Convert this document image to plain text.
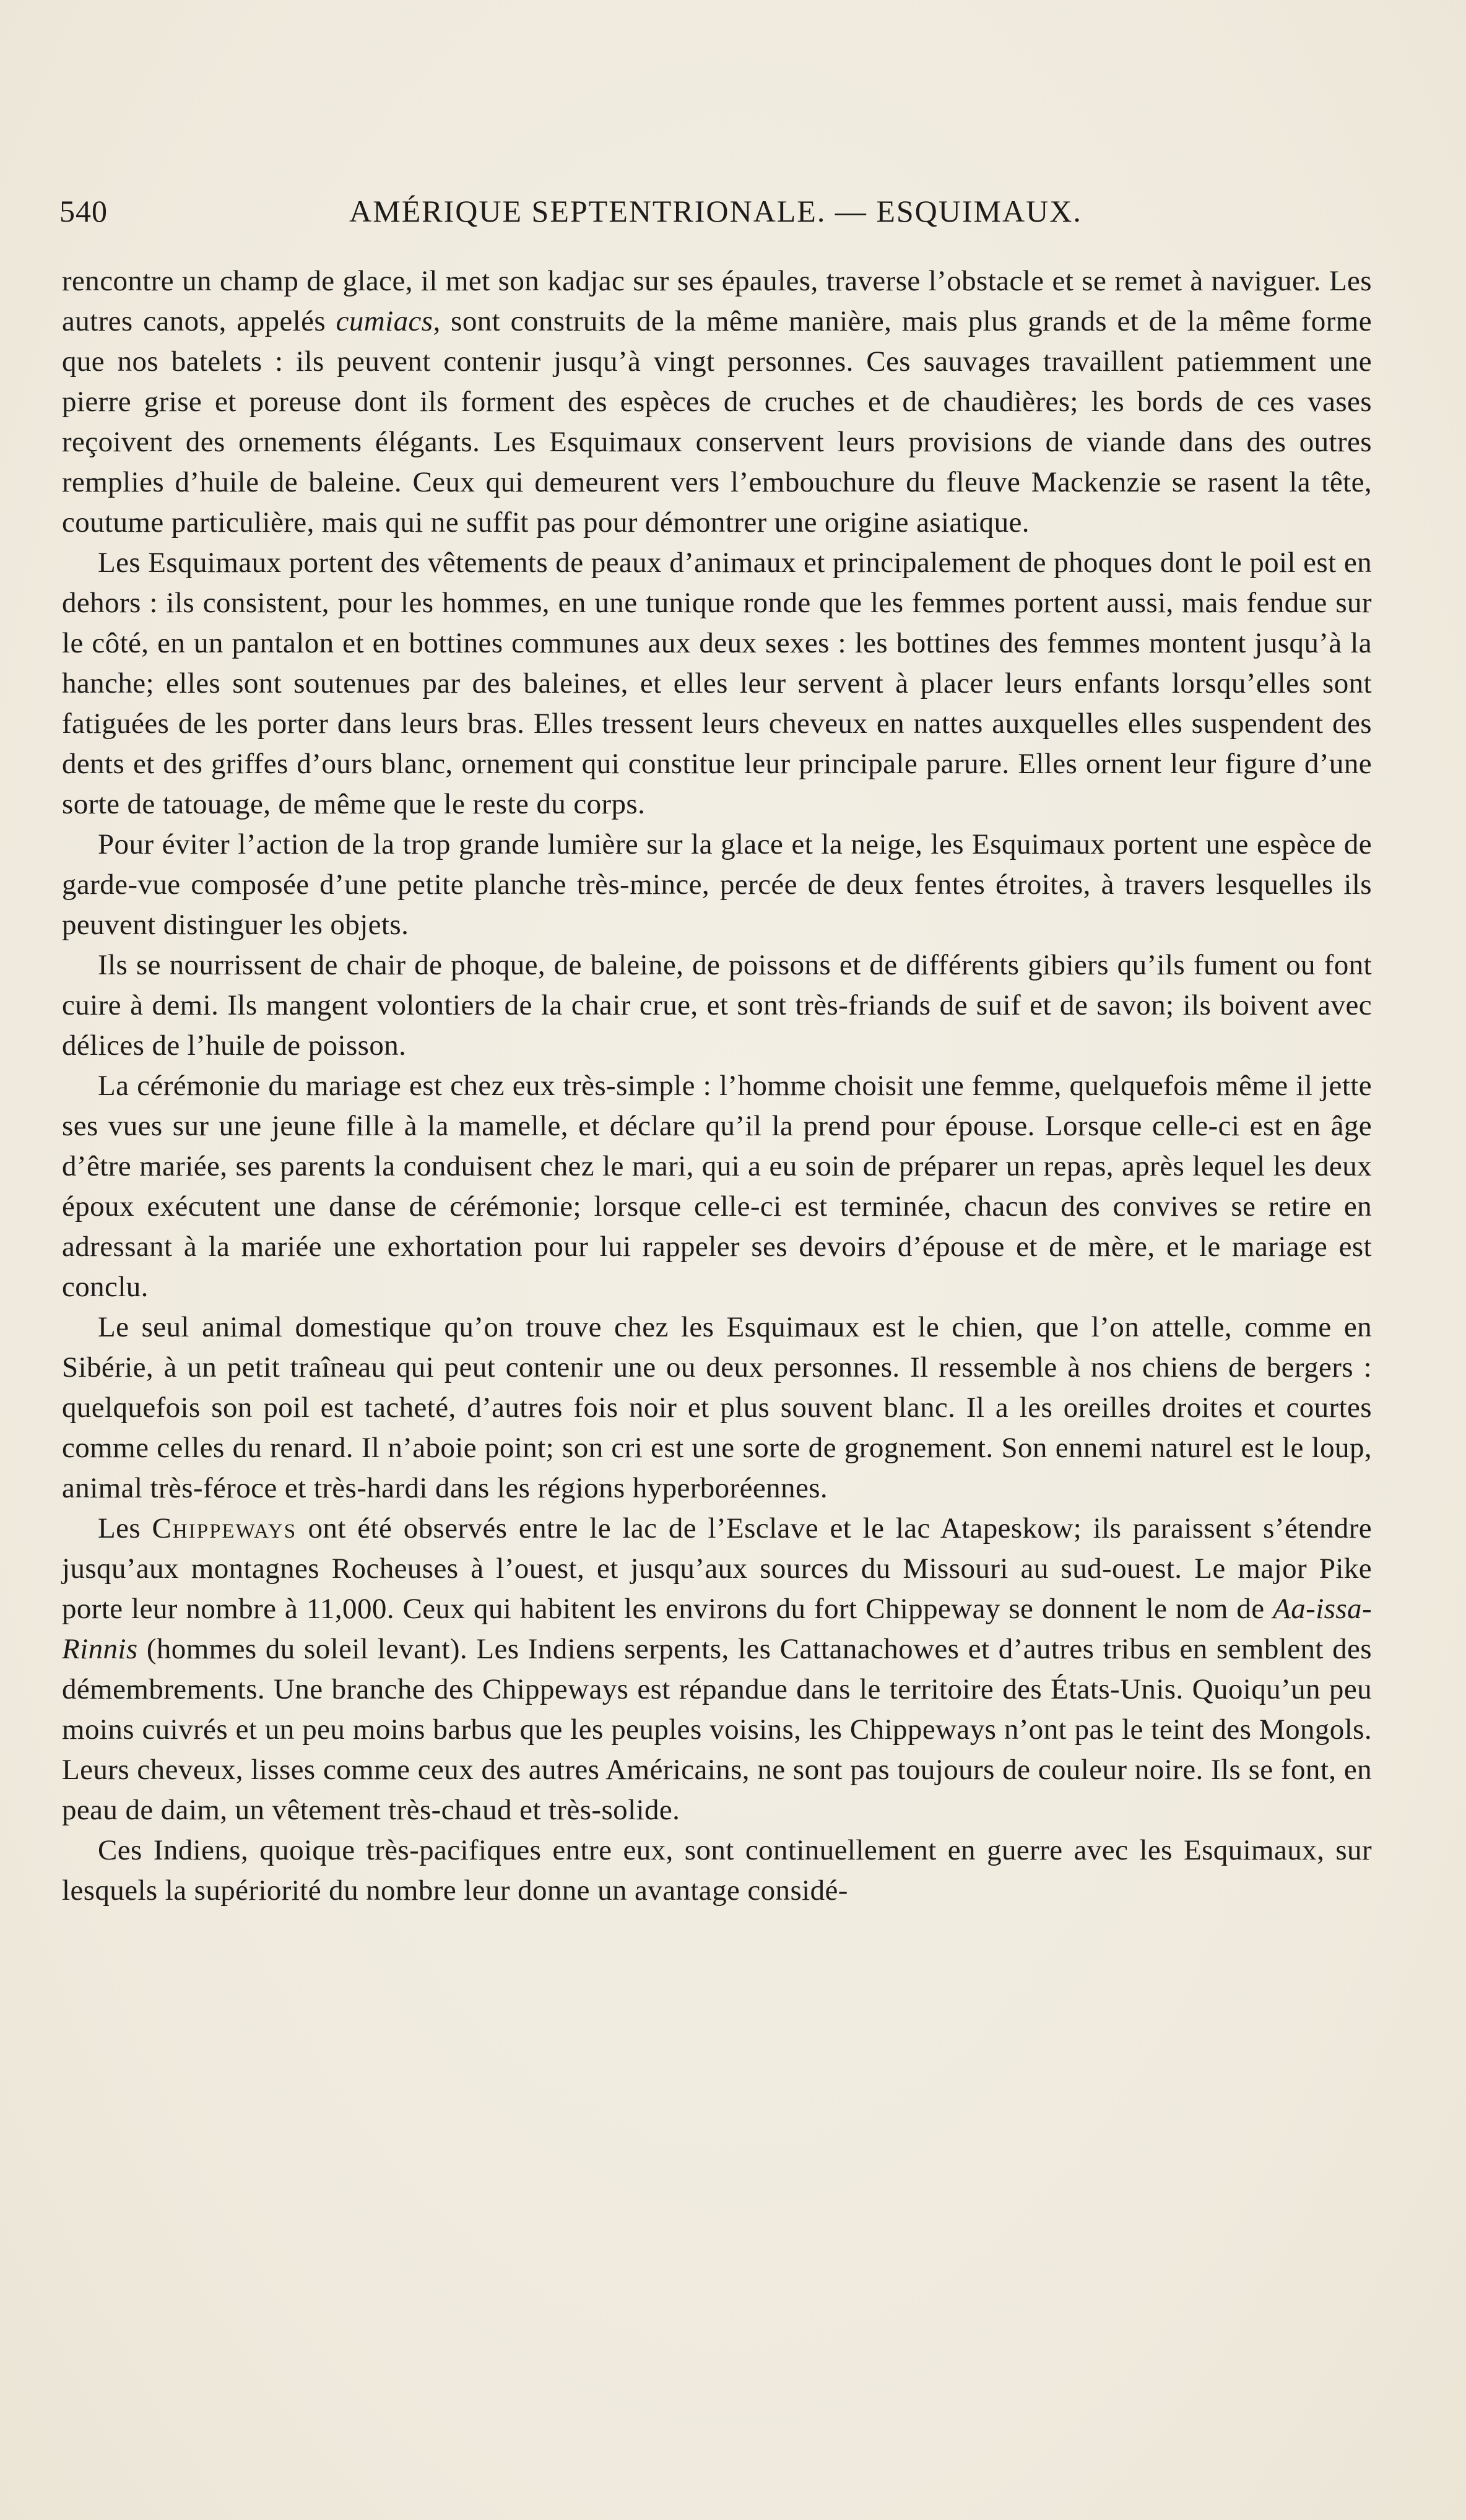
540	AMÉRIQUE SEPTENTRIONALE. — ESQUIMAUX.

rencontre un champ de glace, il met son kadjac sur ses épaules, traverse l’obstacle et se remet à naviguer. Les autres canots, appelés cumiacs, sont construits de la même manière, mais plus grands et de la même forme que nos batelets : ils peuvent contenir jusqu’à vingt personnes. Ces sauvages travaillent patiemment une pierre grise et poreuse dont ils forment des espèces de cruches et de chaudières; les bords de ces vases reçoivent des ornements élégants. Les Esquimaux conservent leurs provisions de viande dans des outres remplies d’huile de baleine. Ceux qui demeurent vers l’embouchure du fleuve Mackenzie se rasent la tête, coutume particulière, mais qui ne suffit pas pour démontrer une origine asiatique.

Les Esquimaux portent des vêtements de peaux d’animaux et principalement de phoques dont le poil est en dehors : ils consistent, pour les hommes, en une tunique ronde que les femmes portent aussi, mais fendue sur le côté, en un pantalon et en bottines communes aux deux sexes : les bottines des femmes montent jusqu’à la hanche; elles sont soutenues par des baleines, et elles leur servent à placer leurs enfants lorsqu’elles sont fatiguées de les porter dans leurs bras. Elles tressent leurs cheveux en nattes auxquelles elles suspendent des dents et des griffes d’ours blanc, ornement qui constitue leur principale parure. Elles ornent leur figure d’une sorte de tatouage, de même que le reste du corps.

Pour éviter l’action de la trop grande lumière sur la glace et la neige, les Esquimaux portent une espèce de garde-vue composée d’une petite planche très-mince, percée de deux fentes étroites, à travers lesquelles ils peuvent distinguer les objets.

Ils se nourrissent de chair de phoque, de baleine, de poissons et de différents gibiers qu’ils fument ou font cuire à demi. Ils mangent volontiers de la chair crue, et sont très-friands de suif et de savon; ils boivent avec délices de l’huile de poisson.

La cérémonie du mariage est chez eux très-simple : l’homme choisit une femme, quelquefois même il jette ses vues sur une jeune fille à la mamelle, et déclare qu’il la prend pour épouse. Lorsque celle-ci est en âge d’être mariée, ses parents la conduisent chez le mari, qui a eu soin de préparer un repas, après lequel les deux époux exécutent une danse de cérémonie; lorsque celle-ci est terminée, chacun des convives se retire en adressant à la mariée une exhortation pour lui rappeler ses devoirs d’épouse et de mère, et le mariage est conclu.

Le seul animal domestique qu’on trouve chez les Esquimaux est le chien, que l’on attelle, comme en Sibérie, à un petit traîneau qui peut contenir une ou deux personnes. Il ressemble à nos chiens de bergers : quelquefois son poil est tacheté, d’autres fois noir et plus souvent blanc. Il a les oreilles droites et courtes comme celles du renard. Il n’aboie point; son cri est une sorte de grognement. Son ennemi naturel est le loup, animal très-féroce et très-hardi dans les régions hyperboréennes.

Les Chippeways ont été observés entre le lac de l’Esclave et le lac Atapeskow; ils paraissent s’étendre jusqu’aux montagnes Rocheuses à l’ouest, et jusqu’aux sources du Missouri au sud-ouest. Le major Pike porte leur nombre à 11,000. Ceux qui habitent les environs du fort Chippeway se donnent le nom de Aa-issa-Rinnis (hommes du soleil levant). Les Indiens serpents, les Cattanachowes et d’autres tribus en semblent des démembrements. Une branche des Chippeways est répandue dans le territoire des États-Unis. Quoiqu’un peu moins cuivrés et un peu moins barbus que les peuples voisins, les Chippeways n’ont pas le teint des Mongols. Leurs cheveux, lisses comme ceux des autres Américains, ne sont pas toujours de couleur noire. Ils se font, en peau de daim, un vêtement très-chaud et très-solide.

Ces Indiens, quoique très-pacifiques entre eux, sont continuellement en guerre avec les Esquimaux, sur lesquels la supériorité du nombre leur donne un avantage considé-
